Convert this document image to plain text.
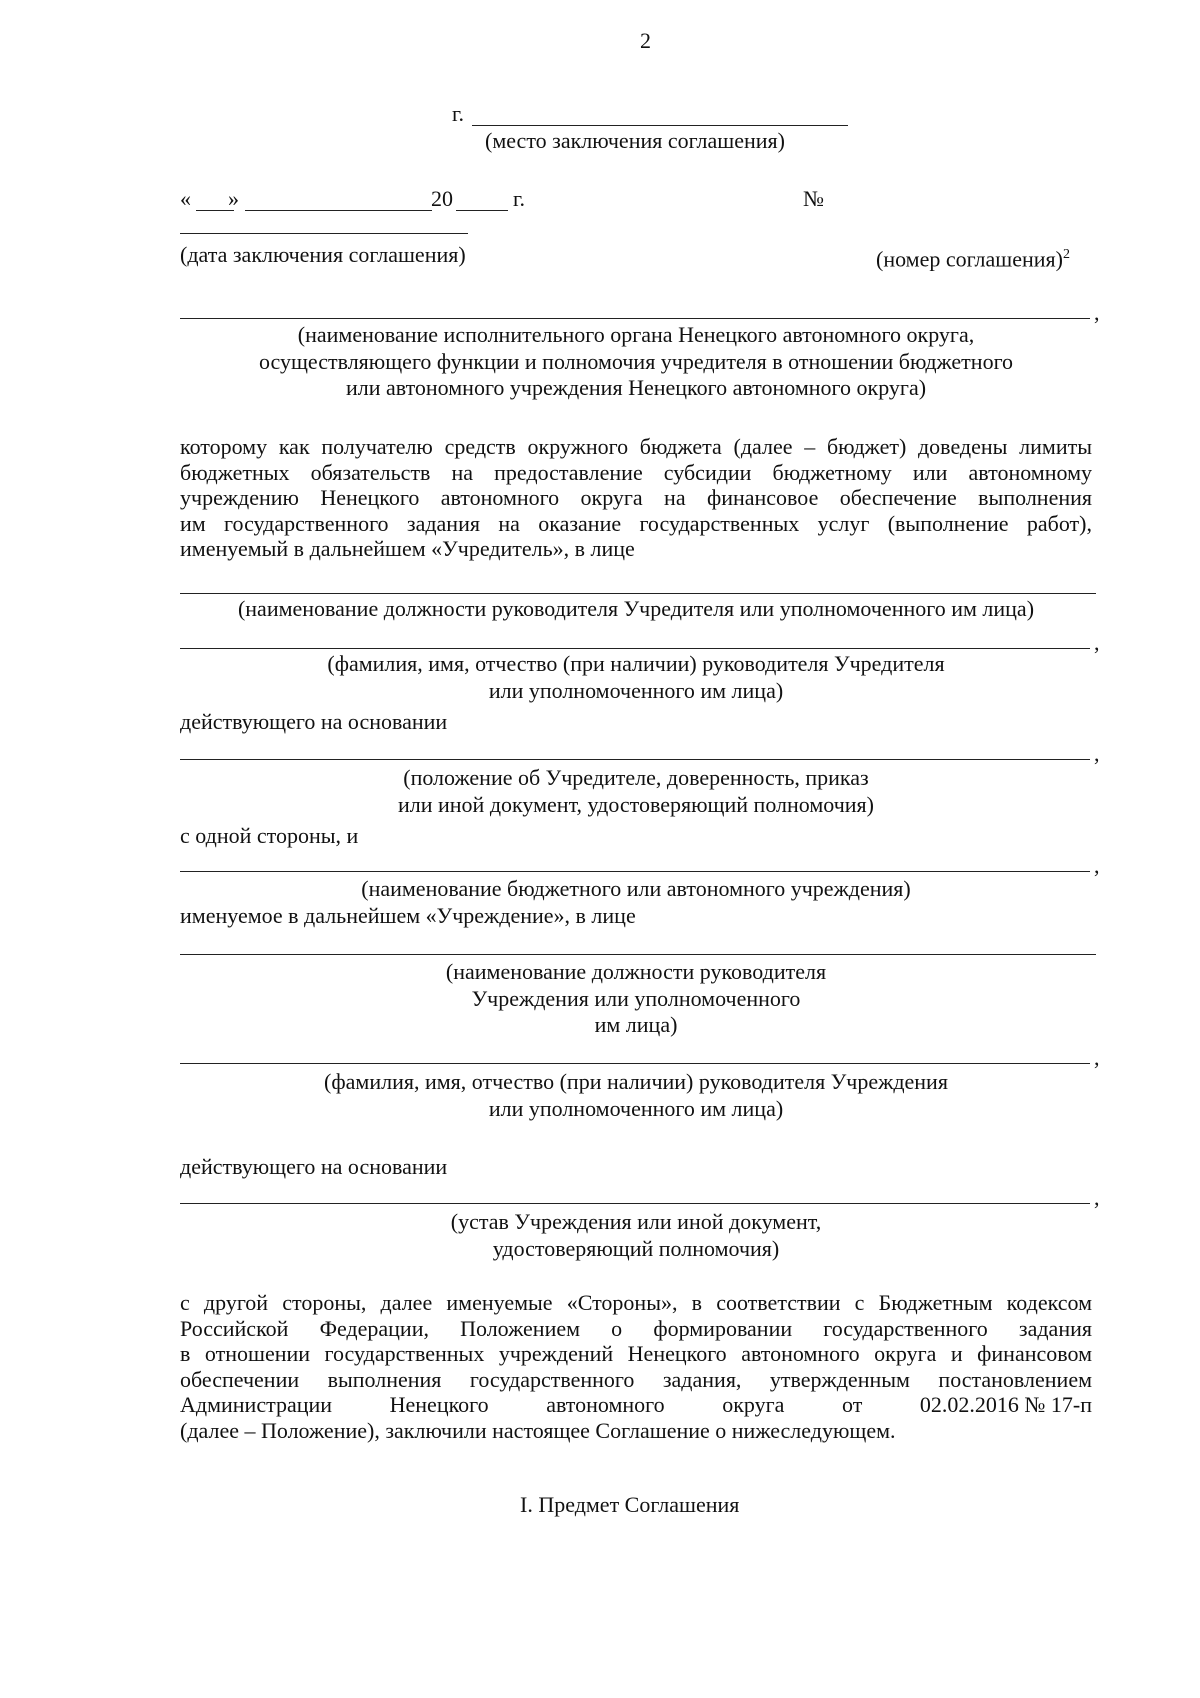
2
г.
(место заключения соглашения)
« »	20	г.	№
(дата заключения соглашения)	(номер соглашения)$^2$
,
(наименование исполнительного органа Ненецкого автономного округа,
осуществляющего функции и полномочия учредителя в отношении бюджетного
или автономного учреждения Ненецкого автономного округа)
которому как получателю средств окружного бюджета (далее – бюджет) доведены лимиты
бюджетных обязательств на предоставление субсидии бюджетному или автономному
учреждению Ненецкого автономного округа на финансовое обеспечение выполнения
им государственного задания на оказание государственных услуг (выполнение работ),
именуемый в дальнейшем «Учредитель», в лице
(наименование должности руководителя Учредителя или уполномоченного им лица)
,
(фамилия, имя, отчество (при наличии) руководителя Учредителя
или уполномоченного им лица)
действующего на основании
,
(положение об Учредителе, доверенность, приказ
или иной документ, удостоверяющий полномочия)
с одной стороны, и
,
(наименование бюджетного или автономного учреждения)
именуемое в дальнейшем «Учреждение», в лице
(наименование должности руководителя
Учреждения или уполномоченного
им лица)
,
(фамилия, имя, отчество (при наличии) руководителя Учреждения
или уполномоченного им лица)
действующего на основании
,
(устав Учреждения или иной документ,
удостоверяющий полномочия)
с другой стороны, далее именуемые «Стороны», в соответствии с Бюджетным кодексом
Российской Федерации, Положением о формировании государственного задания
в отношении государственных учреждений Ненецкого автономного округа и финансовом
обеспечении выполнения государственного задания, утвержденным постановлением
Администрации	Ненецкого	автономного	округа	от	02.02.2016 № 17-п
(далее – Положение), заключили настоящее Соглашение о нижеследующем.
I. Предмет Соглашения
